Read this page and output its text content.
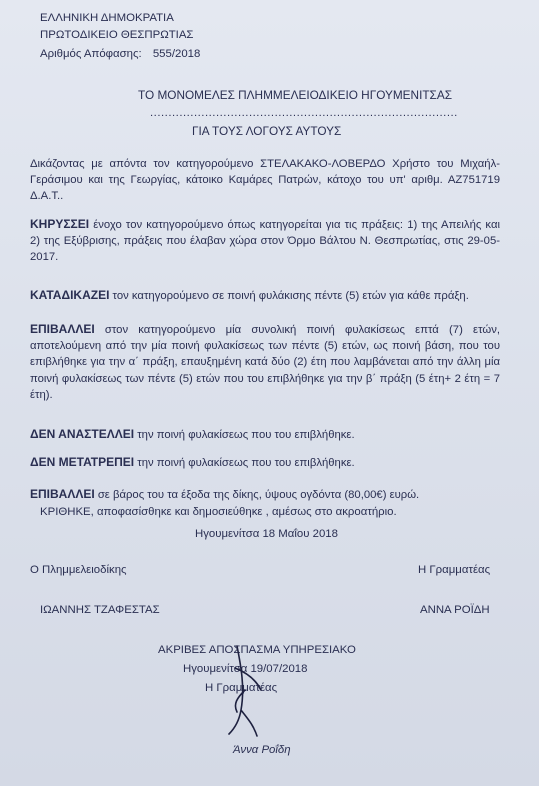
ΕΛΛΗΝΙΚΗ ΔΗΜΟΚΡΑΤΙΑ
ΠΡΩΤΟΔΙΚΕΙΟ ΘΕΣΠΡΩΤΙΑΣ
Αριθμός Απόφασης: 555/2018
ΤΟ ΜΟΝΟΜΕΛΕΣ ΠΛΗΜΜΕΛΕΙΟΔΙΚΕΙΟ ΗΓΟΥΜΕΝΙΤΣΑΣ
....................................................................................
ΓΙΑ ΤΟΥΣ ΛΟΓΟΥΣ ΑΥΤΟΥΣ
Δικάζοντας με απόντα τον κατηγορούμενο ΣΤΕΛΑΚΑΚΟ-ΛΟΒΕΡΔΟ Χρήστο του Μιχαήλ-Γεράσιμου και της Γεωργίας, κάτοικο Καμάρες Πατρών, κάτοχο του υπ' αριθμ. ΑΖ751719 Δ.Α.Τ..
ΚΗΡΥΣΣΕΙ ένοχο τον κατηγορούμενο όπως κατηγορείται για τις πράξεις: 1) της Απειλής και 2) της Εξύβρισης, πράξεις που έλαβαν χώρα στον Όρμο Βάλτου Ν. Θεσπρωτίας, στις 29-05-2017.
ΚΑΤΑΔΙΚΑΖΕΙ τον κατηγορούμενο σε ποινή φυλάκισης πέντε (5) ετών για κάθε πράξη.
ΕΠΙΒΑΛΛΕΙ στον κατηγορούμενο μία συνολική ποινή φυλακίσεως επτά (7) ετών, αποτελούμενη από την μία ποινή φυλακίσεως των πέντε (5) ετών, ως ποινή βάση, που του επιβλήθηκε για την α΄ πράξη, επαυξημένη κατά δύο (2) έτη που λαμβάνεται από την άλλη μία ποινή φυλακίσεως των πέντε (5) ετών που του επιβλήθηκε για την β΄ πράξη (5 έτη+ 2 έτη = 7 έτη).
ΔΕΝ ΑΝΑΣΤΕΛΛΕΙ την ποινή φυλακίσεως που του επιβλήθηκε.
ΔΕΝ ΜΕΤΑΤΡΕΠΕΙ την ποινή φυλακίσεως που του επιβλήθηκε.
ΕΠΙΒΑΛΛΕΙ σε βάρος του τα έξοδα της δίκης, ύψους ογδόντα (80,00€) ευρώ.
ΚΡΙΘΗΚΕ, αποφασίσθηκε και δημοσιεύθηκε , αμέσως στο ακροατήριο.
Ηγουμενίτσα 18 Μαΐου 2018
Ο Πλημμελειοδίκης	Η Γραμματέας
ΙΩΑΝΝΗΣ ΤΖΑΦΕΣΤΑΣ	ΑΝΝΑ ΡΟΪΔΗ
ΑΚΡΙΒΕΣ ΑΠΟΣΠΑΣΜΑ ΥΠΗΡΕΣΙΑΚΟ
Ηγουμενίτσα 19/07/2018
Η Γραμματέας
Άννα Ροΐδη
